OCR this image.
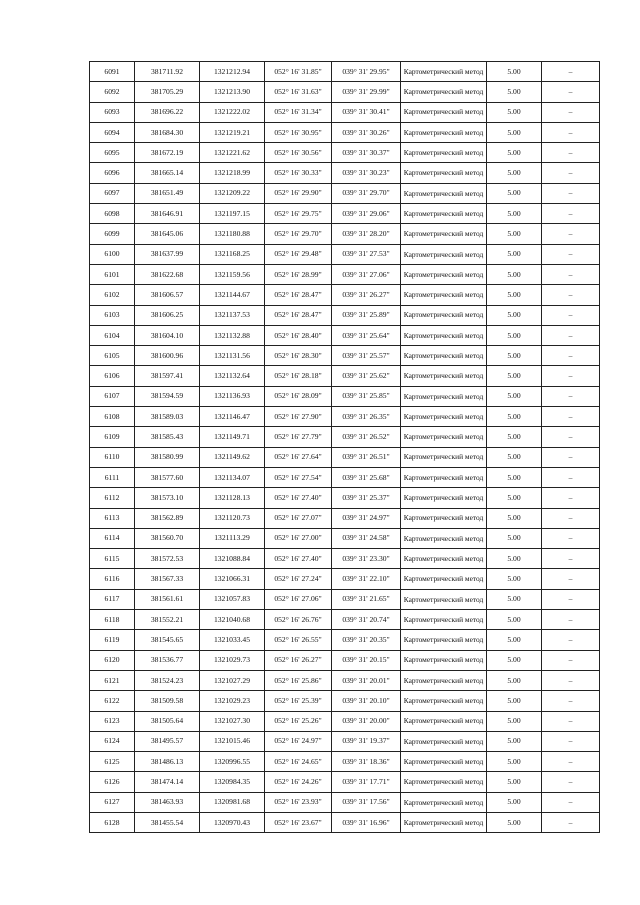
6091	381711.92	1321212.94	052° 16' 31.85"	039° 31' 29.95"	Картометрический метод	5.00	–
6092	381705.29	1321213.90	052° 16' 31.63"	039° 31' 29.99"	Картометрический метод	5.00	–
6093	381696.22	1321222.02	052° 16' 31.34"	039° 31' 30.41"	Картометрический метод	5.00	–
6094	381684.30	1321219.21	052° 16' 30.95"	039° 31' 30.26"	Картометрический метод	5.00	–
6095	381672.19	1321221.62	052° 16' 30.56"	039° 31' 30.37"	Картометрический метод	5.00	–
6096	381665.14	1321218.99	052° 16' 30.33"	039° 31' 30.23"	Картометрический метод	5.00	–
6097	381651.49	1321209.22	052° 16' 29.90"	039° 31' 29.70"	Картометрический метод	5.00	–
6098	381646.91	1321197.15	052° 16' 29.75"	039° 31' 29.06"	Картометрический метод	5.00	–
6099	381645.06	1321180.88	052° 16' 29.70"	039° 31' 28.20"	Картометрический метод	5.00	–
6100	381637.99	1321168.25	052° 16' 29.48"	039° 31' 27.53"	Картометрический метод	5.00	–
6101	381622.68	1321159.56	052° 16' 28.99"	039° 31' 27.06"	Картометрический метод	5.00	–
6102	381606.57	1321144.67	052° 16' 28.47"	039° 31' 26.27"	Картометрический метод	5.00	–
6103	381606.25	1321137.53	052° 16' 28.47"	039° 31' 25.89"	Картометрический метод	5.00	–
6104	381604.10	1321132.88	052° 16' 28.40"	039° 31' 25.64"	Картометрический метод	5.00	–
6105	381600.96	1321131.56	052° 16' 28.30"	039° 31' 25.57"	Картометрический метод	5.00	–
6106	381597.41	1321132.64	052° 16' 28.18"	039° 31' 25.62"	Картометрический метод	5.00	–
6107	381594.59	1321136.93	052° 16' 28.09"	039° 31' 25.85"	Картометрический метод	5.00	–
6108	381589.03	1321146.47	052° 16' 27.90"	039° 31' 26.35"	Картометрический метод	5.00	–
6109	381585.43	1321149.71	052° 16' 27.79"	039° 31' 26.52"	Картометрический метод	5.00	–
6110	381580.99	1321149.62	052° 16' 27.64"	039° 31' 26.51"	Картометрический метод	5.00	–
6111	381577.60	1321134.07	052° 16' 27.54"	039° 31' 25.68"	Картометрический метод	5.00	–
6112	381573.10	1321128.13	052° 16' 27.40"	039° 31' 25.37"	Картометрический метод	5.00	–
6113	381562.89	1321120.73	052° 16' 27.07"	039° 31' 24.97"	Картометрический метод	5.00	–
6114	381560.70	1321113.29	052° 16' 27.00"	039° 31' 24.58"	Картометрический метод	5.00	–
6115	381572.53	1321088.84	052° 16' 27.40"	039° 31' 23.30"	Картометрический метод	5.00	–
6116	381567.33	1321066.31	052° 16' 27.24"	039° 31' 22.10"	Картометрический метод	5.00	–
6117	381561.61	1321057.83	052° 16' 27.06"	039° 31' 21.65"	Картометрический метод	5.00	–
6118	381552.21	1321040.68	052° 16' 26.76"	039° 31' 20.74"	Картометрический метод	5.00	–
6119	381545.65	1321033.45	052° 16' 26.55"	039° 31' 20.35"	Картометрический метод	5.00	–
6120	381536.77	1321029.73	052° 16' 26.27"	039° 31' 20.15"	Картометрический метод	5.00	–
6121	381524.23	1321027.29	052° 16' 25.86"	039° 31' 20.01"	Картометрический метод	5.00	–
6122	381509.58	1321029.23	052° 16' 25.39"	039° 31' 20.10"	Картометрический метод	5.00	–
6123	381505.64	1321027.30	052° 16' 25.26"	039° 31' 20.00"	Картометрический метод	5.00	–
6124	381495.57	1321015.46	052° 16' 24.97"	039° 31' 19.37"	Картометрический метод	5.00	–
6125	381486.13	1320996.55	052° 16' 24.65"	039° 31' 18.36"	Картометрический метод	5.00	–
6126	381474.14	1320984.35	052° 16' 24.26"	039° 31' 17.71"	Картометрический метод	5.00	–
6127	381463.93	1320981.68	052° 16' 23.93"	039° 31' 17.56"	Картометрический метод	5.00	–
6128	381455.54	1320970.43	052° 16' 23.67"	039° 31' 16.96"	Картометрический метод	5.00	–
